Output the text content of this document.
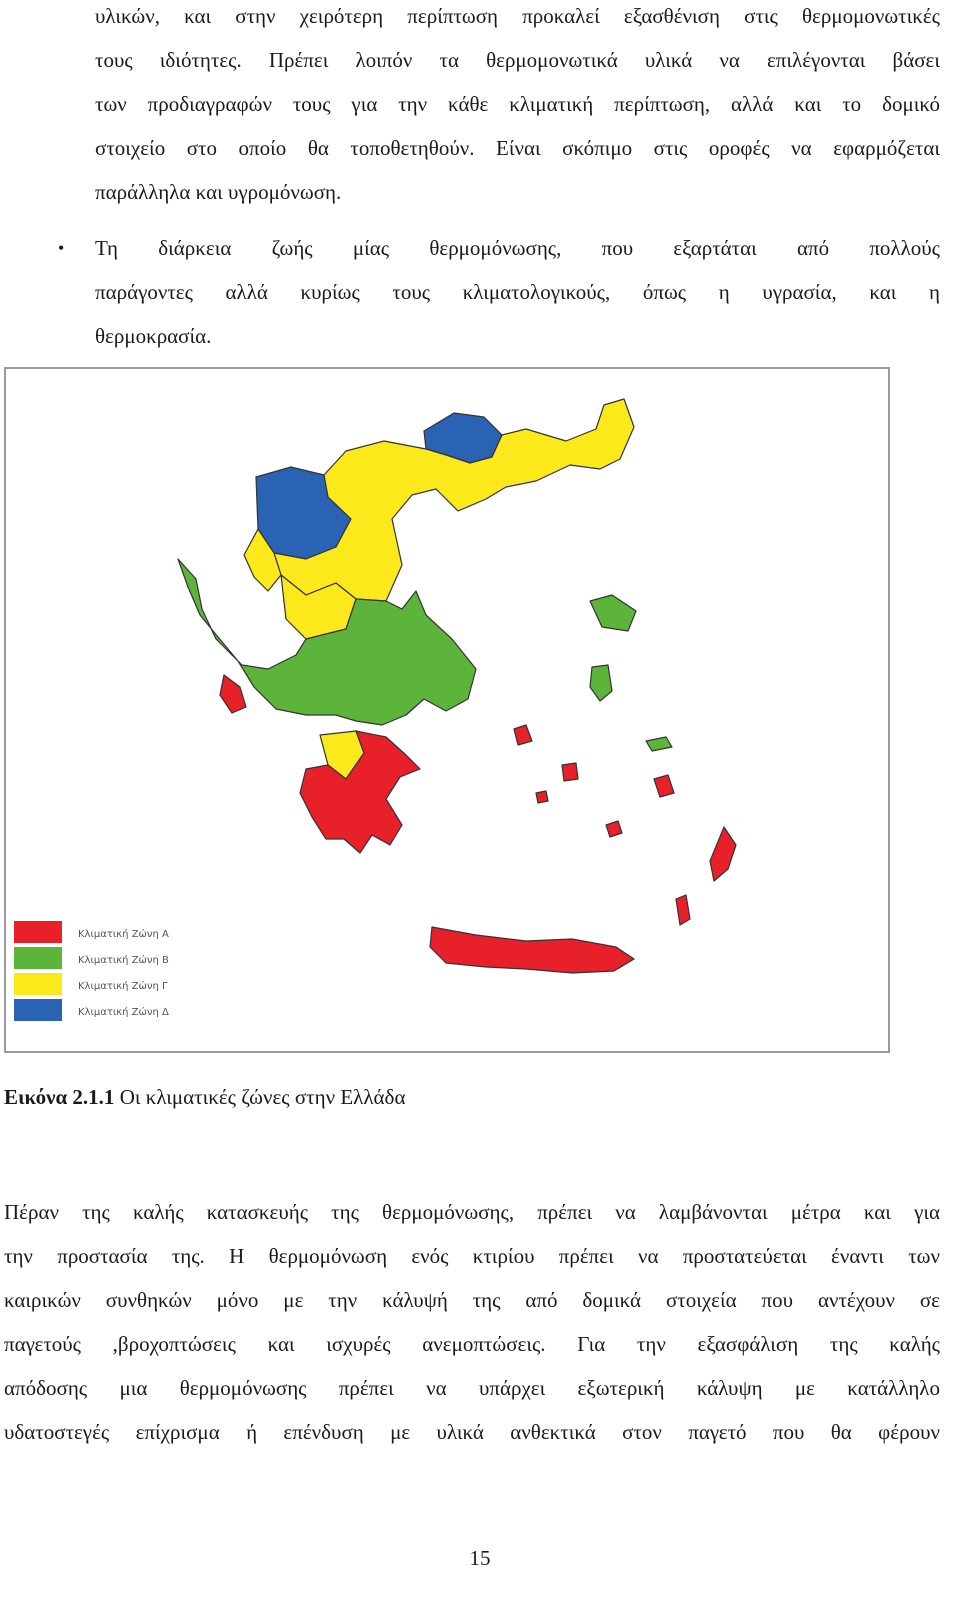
υλικών, και στην χειρότερη περίπτωση προκαλεί εξασθένιση στις θερμομονωτικές
τους ιδιότητες. Πρέπει λοιπόν τα θερμομονωτικά υλικά να επιλέγονται βάσει
των προδιαγραφών τους για την κάθε κλιματική περίπτωση, αλλά και το δομικό
στοιχείο στο οποίο θα τοποθετηθούν. Είναι σκόπιμο στις οροφές να εφαρμόζεται
παράλληλα και υγρομόνωση.
• Τη διάρκεια ζωής μίας θερμομόνωσης, που εξαρτάται από πολλούς
παράγοντες αλλά κυρίως τους κλιματολογικούς, όπως η υγρασία, και η
θερμοκρασία.
Κλιματική Ζώνη Α
Κλιματική Ζώνη Β
Κλιματική Ζώνη Γ
Κλιματική Ζώνη Δ
Εικόνα 2.1.1 Οι κλιματικές ζώνες στην Ελλάδα
Πέραν της καλής κατασκευής της θερμομόνωσης, πρέπει να λαμβάνονται μέτρα και για
την προστασία της. Η θερμομόνωση ενός κτιρίου πρέπει να προστατεύεται έναντι των
καιρικών συνθηκών μόνο με την κάλυψή της από δομικά στοιχεία που αντέχουν σε
παγετούς ,βροχοπτώσεις και ισχυρές ανεμοπτώσεις. Για την εξασφάλιση της καλής
απόδοσης μια θερμομόνωσης πρέπει να υπάρχει εξωτερική κάλυψη με κατάλληλο
υδατοστεγές επίχρισμα ή επένδυση με υλικά ανθεκτικά στον παγετό που θα φέρουν
15
